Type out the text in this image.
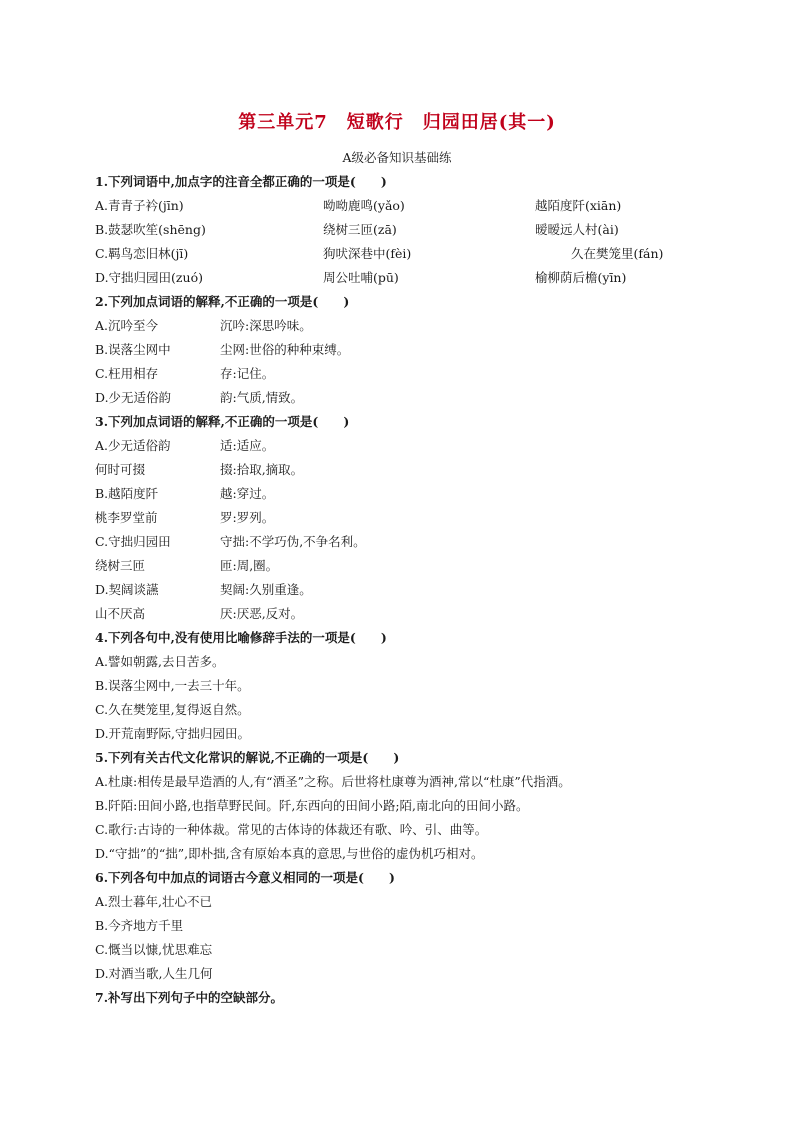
第三单元7　短歌行　归园田居(其一)
A级必备知识基础练
1.下列词语中,加点字的注音全都正确的一项是(　　)
A.青青子衿(jīn)	呦呦鹿鸣(yǎo)	越陌度阡(xiān)
B.鼓瑟吹笙(shēng)	绕树三匝(zā)	暧暧远人村(ài)
C.羁鸟恋旧林(jī)	狗吠深巷中(fèi)	久在樊笼里(fán)
D.守拙归园田(zuó)	周公吐哺(pū)	榆柳荫后檐(yīn)
2.下列加点词语的解释,不正确的一项是(　　)
A.沉吟至今	沉吟:深思吟味。
B.误落尘网中	尘网:世俗的种种束缚。
C.枉用相存	存:记住。
D.少无适俗韵	韵:气质,情致。
3.下列加点词语的解释,不正确的一项是(　　)
A.少无适俗韵	适:适应。
何时可掇	掇:拾取,摘取。
B.越陌度阡	越:穿过。
桃李罗堂前	罗:罗列。
C.守拙归园田	守拙:不学巧伪,不争名利。
绕树三匝	匝:周,圈。
D.契阔谈讌	契阔:久别重逢。
山不厌高	厌:厌恶,反对。
4.下列各句中,没有使用比喻修辞手法的一项是(　　)
A.譬如朝露,去日苦多。
B.误落尘网中,一去三十年。
C.久在樊笼里,复得返自然。
D.开荒南野际,守拙归园田。
5.下列有关古代文化常识的解说,不正确的一项是(　　)
A.杜康:相传是最早造酒的人,有“酒圣”之称。后世将杜康尊为酒神,常以“杜康”代指酒。
B.阡陌:田间小路,也指草野民间。阡,东西向的田间小路;陌,南北向的田间小路。
C.歌行:古诗的一种体裁。常见的古体诗的体裁还有歌、吟、引、曲等。
D.“守拙”的“拙”,即朴拙,含有原始本真的意思,与世俗的虚伪机巧相对。
6.下列各句中加点的词语古今意义相同的一项是(　　)
A.烈士暮年,壮心不已
B.今齐地方千里
C.慨当以慷,忧思难忘
D.对酒当歌,人生几何
7.补写出下列句子中的空缺部分。
